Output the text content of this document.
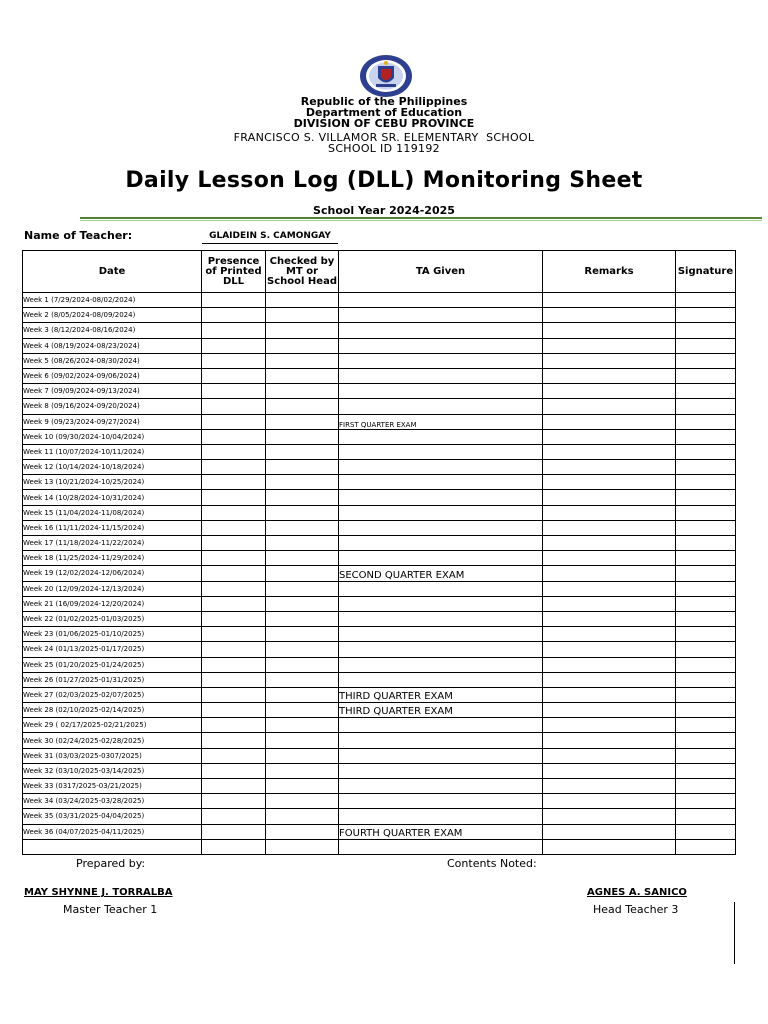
Republic of the Philippines
Department of Education
DIVISION OF CEBU PROVINCE
FRANCISCO S. VILLAMOR SR. ELEMENTARY  SCHOOL
SCHOOL ID 119192
Daily Lesson Log (DLL) Monitoring Sheet
School Year 2024-2025
Name of Teacher:	GLAIDEIN S. CAMONGAY
Date	Presence of Printed DLL	Checked by MT or School Head	TA Given	Remarks	Signature
Week 1 (7/29/2024-08/02/2024)					
Week 2 (8/05/2024-08/09/2024)					
Week 3 (8/12/2024-08/16/2024)					
Week 4 (08/19/2024-08/23/2024)					
Week 5 (08/26/2024-08/30/2024)					
Week 6 (09/02/2024-09/06/2024)					
Week 7 (09/09/2024-09/13/2024)					
Week 8 (09/16/2024-09/20/2024)					
Week 9 (09/23/2024-09/27/2024)			FIRST QUARTER EXAM		
Week 10 (09/30/2024-10/04/2024)					
Week 11 (10/07/2024-10/11/2024)					
Week 12 (10/14/2024-10/18/2024)					
Week 13 (10/21/2024-10/25/2024)					
Week 14 (10/28/2024-10/31/2024)					
Week 15 (11/04/2024-11/08/2024)					
Week 16 (11/11/2024-11/15/2024)					
Week 17 (11/18/2024-11/22/2024)					
Week 18 (11/25/2024-11/29/2024)					
Week 19 (12/02/2024-12/06/2024)			SECOND QUARTER EXAM		
Week 20 (12/09/2024-12/13/2024)					
Week 21 (16/09/2024-12/20/2024)					
Week 22 (01/02/2025-01/03/2025)					
Week 23 (01/06/2025-01/10/2025)					
Week 24 (01/13/2025-01/17/2025)					
Week 25 (01/20/2025-01/24/2025)					
Week 26 (01/27/2025-01/31/2025)					
Week 27 (02/03/2025-02/07/2025)			THIRD QUARTER EXAM		
Week 28 (02/10/2025-02/14/2025)			THIRD QUARTER EXAM		
Week 29 ( 02/17/2025-02/21/2025)					
Week 30 (02/24/2025-02/28/2025)					
Week 31 (03/03/2025-0307/2025)					
Week 32 (03/10/2025-03/14/2025)					
Week 33 (0317/2025-03/21/2025)					
Week 34 (03/24/2025-03/28/2025)					
Week 35 (03/31/2025-04/04/2025)					
Week 36 (04/07/2025-04/11/2025)			FOURTH QUARTER EXAM		

Prepared by:	Contents Noted:
MAY SHYNNE J. TORRALBA	AGNES A. SANICO
Master Teacher 1	Head Teacher 3
